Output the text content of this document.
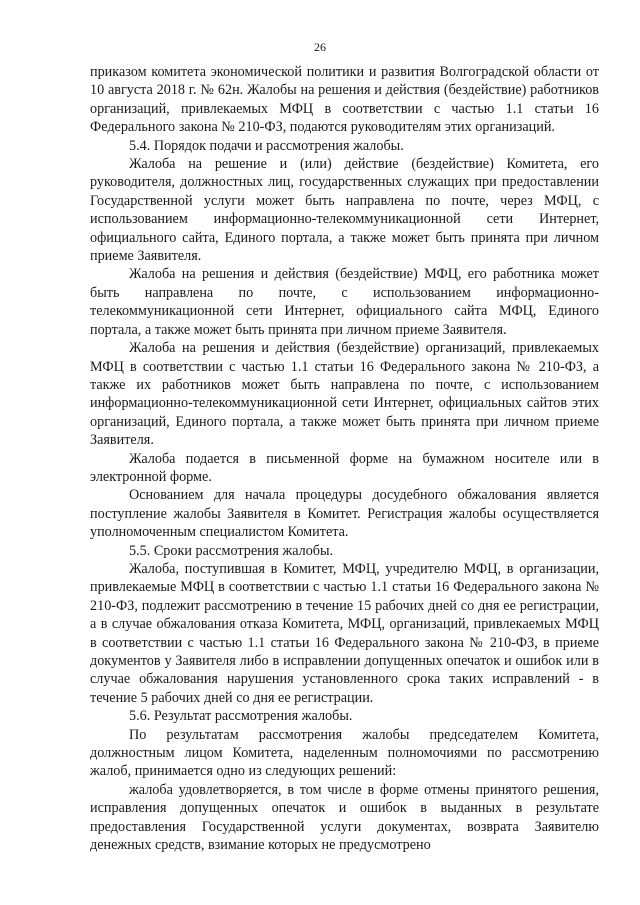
26

приказом комитета экономической политики и развития Волгоградской области от 10 августа 2018 г. № 62н. Жалобы на решения и действия (бездействие) работников организаций, привлекаемых МФЦ в соответствии с частью 1.1 статьи 16 Федерального закона № 210-ФЗ, подаются руководителям этих организаций.

5.4. Порядок подачи и рассмотрения жалобы.

Жалоба на решение и (или) действие (бездействие) Комитета, его руководителя, должностных лиц, государственных служащих при предоставлении Государственной услуги может быть направлена по почте, через МФЦ, с использованием информационно-телекоммуникационной сети Интернет, официального сайта, Единого портала, а также может быть принята при личном приеме Заявителя.

Жалоба на решения и действия (бездействие) МФЦ, его работника может быть направлена по почте, с использованием информационно-телекоммуникационной сети Интернет, официального сайта МФЦ, Единого портала, а также может быть принята при личном приеме Заявителя.

Жалоба на решения и действия (бездействие) организаций, привлекаемых МФЦ в соответствии с частью 1.1 статьи 16 Федерального закона № 210-ФЗ, а также их работников может быть направлена по почте, с использованием информационно-телекоммуникационной сети Интернет, официальных сайтов этих организаций, Единого портала, а также может быть принята при личном приеме Заявителя.

Жалоба подается в письменной форме на бумажном носителе или в электронной форме.

Основанием для начала процедуры досудебного обжалования является поступление жалобы Заявителя в Комитет. Регистрация жалобы осуществляется уполномоченным специалистом Комитета.

5.5. Сроки рассмотрения жалобы.

Жалоба, поступившая в Комитет, МФЦ, учредителю МФЦ, в организации, привлекаемые МФЦ в соответствии с частью 1.1 статьи 16 Федерального закона № 210-ФЗ, подлежит рассмотрению в течение 15 рабочих дней со дня ее регистрации, а в случае обжалования отказа Комитета, МФЦ, организаций, привлекаемых МФЦ в соответствии с частью 1.1 статьи 16 Федерального закона № 210-ФЗ, в приеме документов у Заявителя либо в исправлении допущенных опечаток и ошибок или в случае обжалования нарушения установленного срока таких исправлений - в течение 5 рабочих дней со дня ее регистрации.

5.6. Результат рассмотрения жалобы.

По результатам рассмотрения жалобы председателем Комитета, должностным лицом Комитета, наделенным полномочиями по рассмотрению жалоб, принимается одно из следующих решений:

жалоба удовлетворяется, в том числе в форме отмены принятого решения, исправления допущенных опечаток и ошибок в выданных в результате предоставления Государственной услуги документах, возврата Заявителю денежных средств, взимание которых не предусмотрено
